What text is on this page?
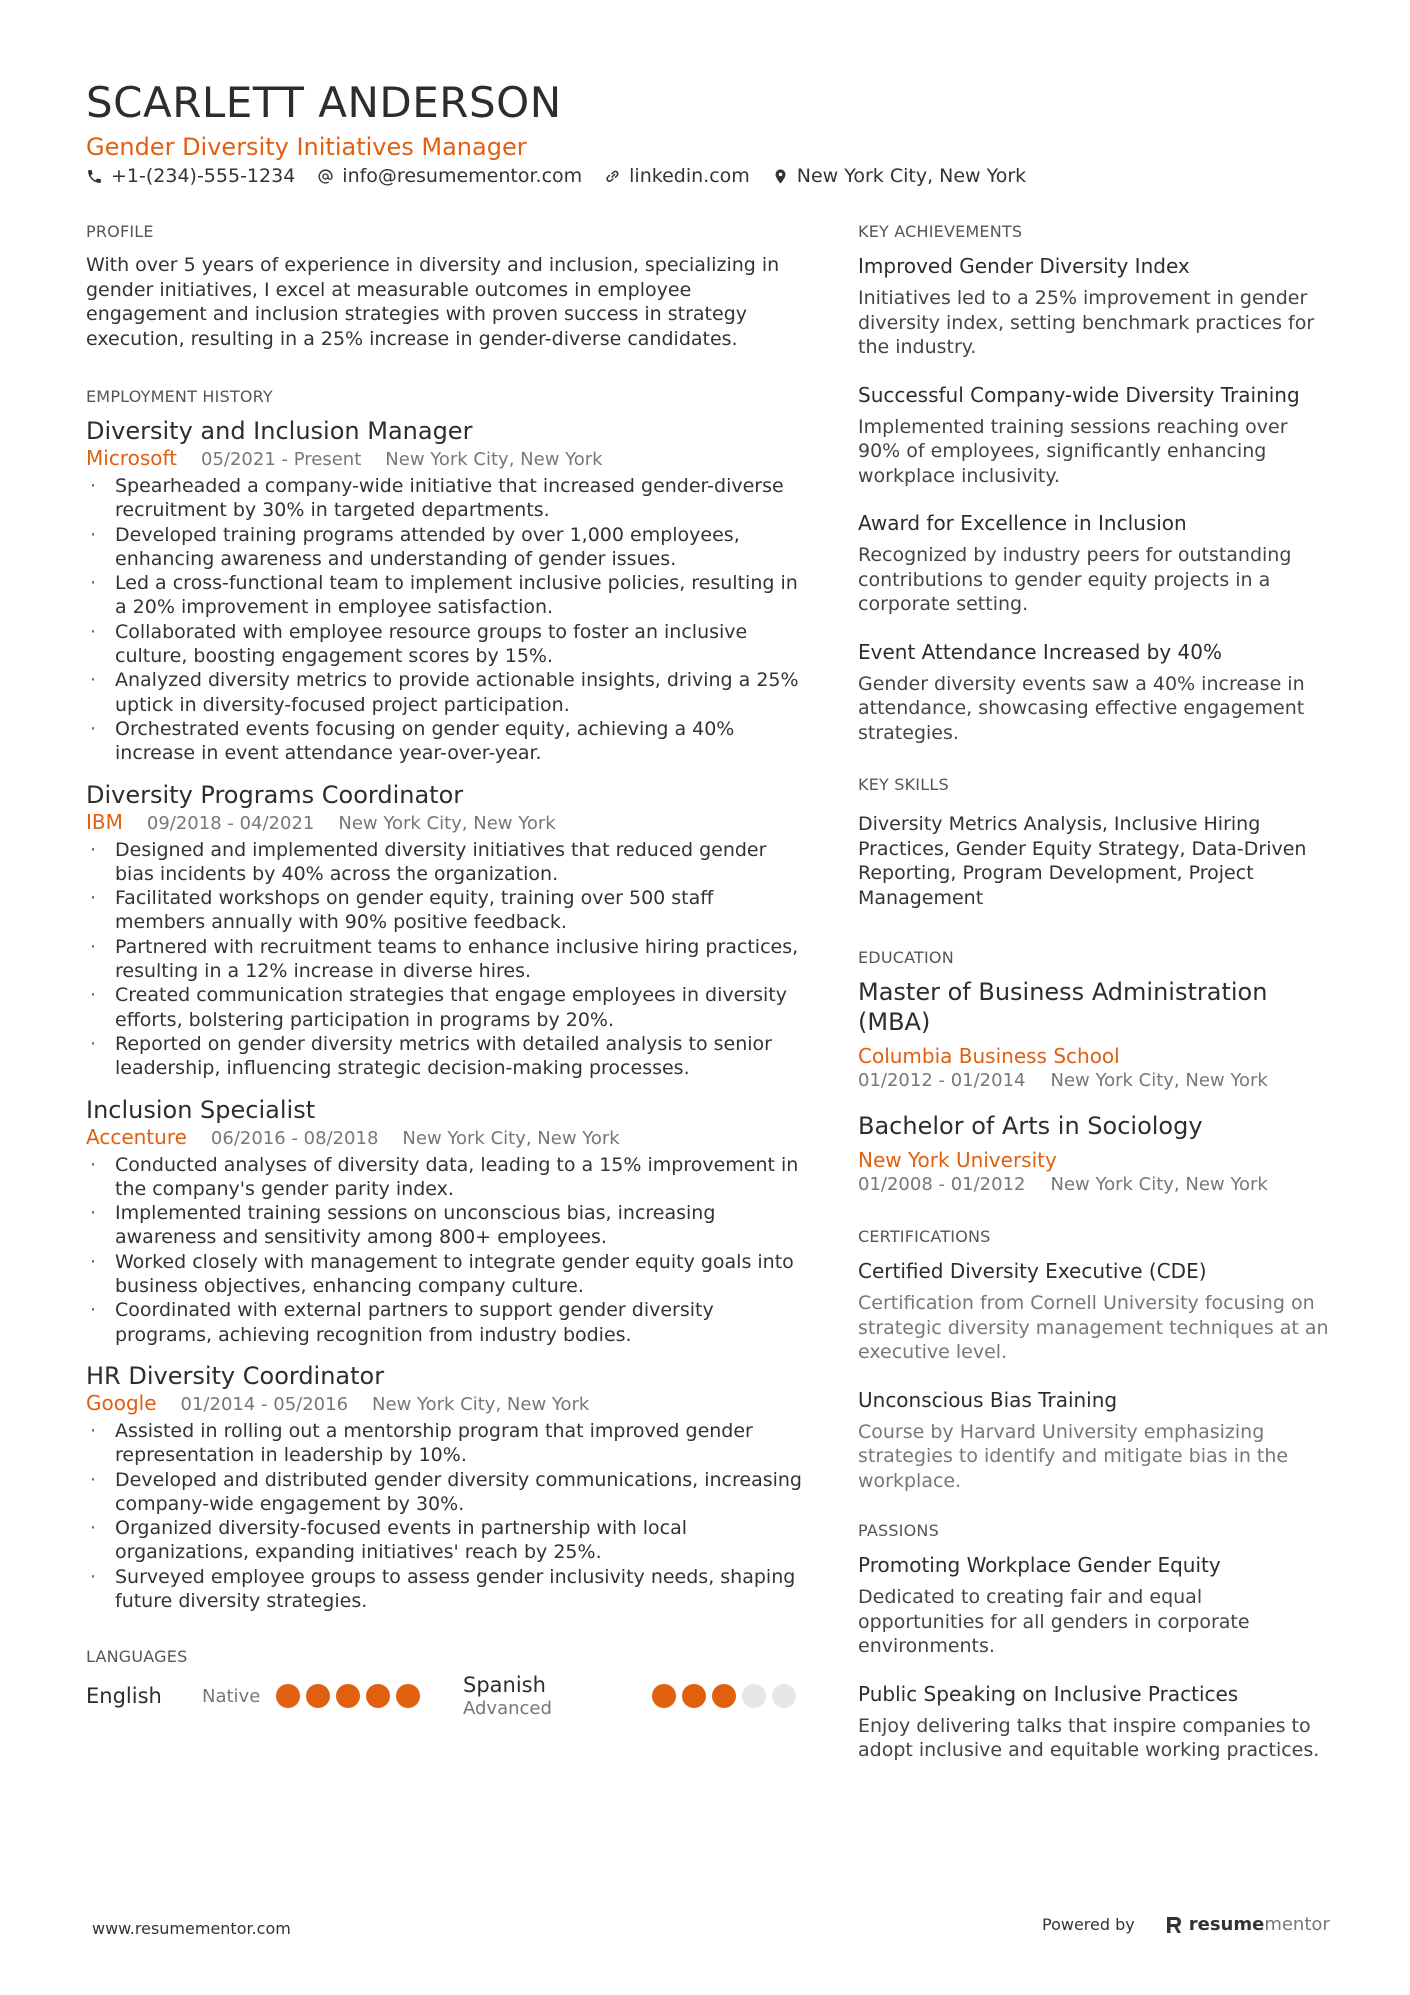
SCARLETT ANDERSON
Gender Diversity Initiatives Manager
+1-(234)-555-1234 info@resumementor.com linkedin.com New York City, New York
PROFILE

With over 5 years of experience in diversity and inclusion, specializing in gender initiatives, I excel at measurable outcomes in employee engagement and inclusion strategies with proven success in strategy execution, resulting in a 25% increase in gender-diverse candidates.

EMPLOYMENT HISTORY
Diversity and Inclusion Manager
Microsoft 05/2021 - Present New York City, New York
· Spearheaded a company-wide initiative that increased gender-diverse recruitment by 30% in targeted departments.
· Developed training programs attended by over 1,000 employees, enhancing awareness and understanding of gender issues.
· Led a cross-functional team to implement inclusive policies, resulting in a 20% improvement in employee satisfaction.
· Collaborated with employee resource groups to foster an inclusive culture, boosting engagement scores by 15%.
· Analyzed diversity metrics to provide actionable insights, driving a 25% uptick in diversity-focused project participation.
· Orchestrated events focusing on gender equity, achieving a 40% increase in event attendance year-over-year.
Diversity Programs Coordinator
IBM 09/2018 - 04/2021 New York City, New York
· Designed and implemented diversity initiatives that reduced gender bias incidents by 40% across the organization.
· Facilitated workshops on gender equity, training over 500 staff members annually with 90% positive feedback.
· Partnered with recruitment teams to enhance inclusive hiring practices, resulting in a 12% increase in diverse hires.
· Created communication strategies that engage employees in diversity efforts, bolstering participation in programs by 20%.
· Reported on gender diversity metrics with detailed analysis to senior leadership, influencing strategic decision-making processes.
Inclusion Specialist
Accenture 06/2016 - 08/2018 New York City, New York
· Conducted analyses of diversity data, leading to a 15% improvement in the company's gender parity index.
· Implemented training sessions on unconscious bias, increasing awareness and sensitivity among 800+ employees.
· Worked closely with management to integrate gender equity goals into business objectives, enhancing company culture.
· Coordinated with external partners to support gender diversity programs, achieving recognition from industry bodies.
HR Diversity Coordinator
Google 01/2014 - 05/2016 New York City, New York
· Assisted in rolling out a mentorship program that improved gender representation in leadership by 10%.
· Developed and distributed gender diversity communications, increasing company-wide engagement by 30%.
· Organized diversity-focused events in partnership with local organizations, expanding initiatives' reach by 25%.
· Surveyed employee groups to assess gender inclusivity needs, shaping future diversity strategies.
LANGUAGES
English	Native	Spanish
Advanced
KEY ACHIEVEMENTS
Improved Gender Diversity Index

Initiatives led to a 25% improvement in gender diversity index, setting benchmark practices for the industry.

Successful Company-wide Diversity Training

Implemented training sessions reaching over 90% of employees, significantly enhancing workplace inclusivity.

Award for Excellence in Inclusion

Recognized by industry peers for outstanding contributions to gender equity projects in a corporate setting.

Event Attendance Increased by 40%

Gender diversity events saw a 40% increase in attendance, showcasing effective engagement strategies.

KEY SKILLS

Diversity Metrics Analysis, Inclusive Hiring Practices, Gender Equity Strategy, Data-Driven Reporting, Program Development, Project Management

EDUCATION
Master of Business Administration (MBA)
Columbia Business School
01/2012 - 01/2014 New York City, New York
Bachelor of Arts in Sociology
New York University
01/2008 - 01/2012 New York City, New York
CERTIFICATIONS
Certified Diversity Executive (CDE)

Certification from Cornell University focusing on strategic diversity management techniques at an executive level.

Unconscious Bias Training

Course by Harvard University emphasizing strategies to identify and mitigate bias in the workplace.

PASSIONS
Promoting Workplace Gender Equity

Dedicated to creating fair and equal opportunities for all genders in corporate environments.

Public Speaking on Inclusive Practices

Enjoy delivering talks that inspire companies to adopt inclusive and equitable working practices.

www.resumementor.com	Powered by	resumementor
